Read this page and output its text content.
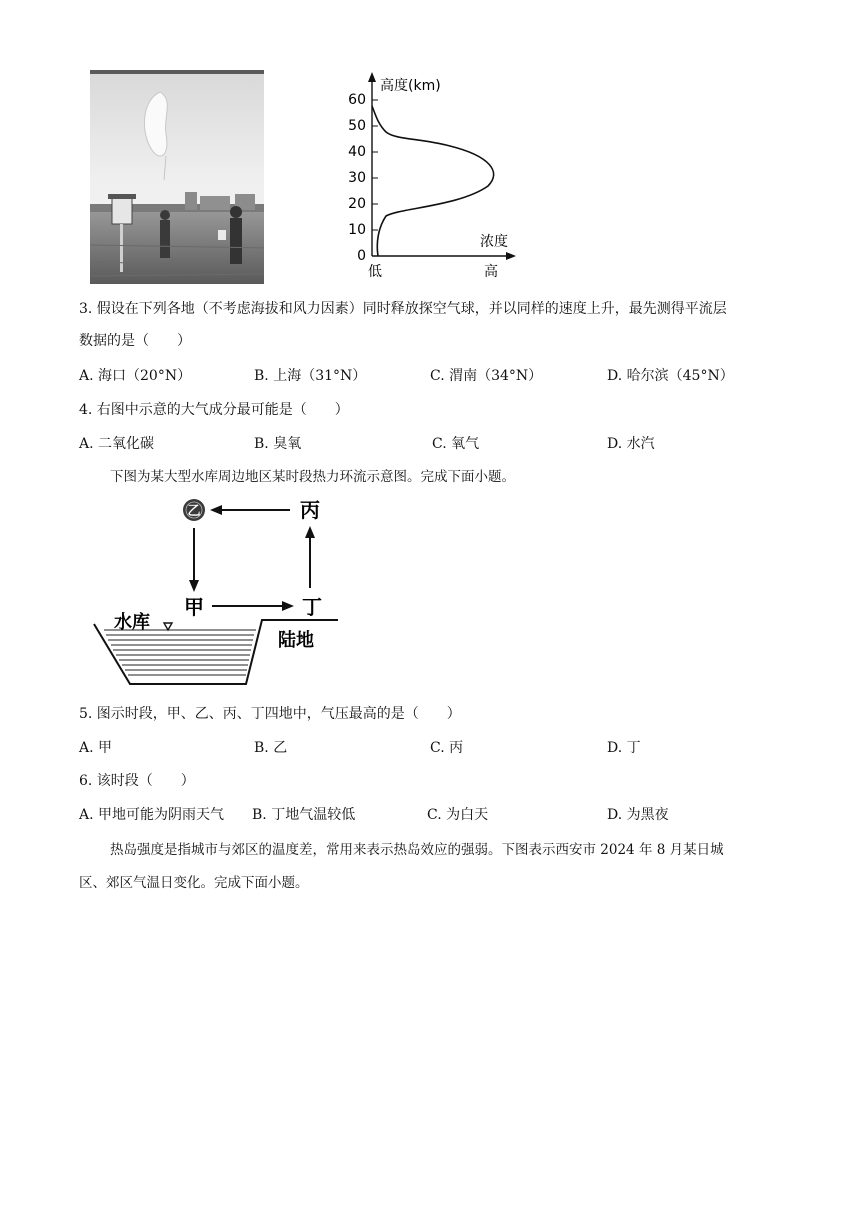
60
50
40
30
20
10
0
高度(km)
浓度
低	高
3. 假设在下列各地（不考虑海拔和风力因素）同时释放探空气球，并以同样的速度上升，最先测得平流层
数据的是（　　）
A. 海口（20°N）	B. 上海（31°N）	C. 渭南（34°N）	D. 哈尔滨（45°N）
4. 右图中示意的大气成分最可能是（　　）
A. 二氧化碳	B. 臭氧	C. 氧气	D. 水汽
下图为某大型水库周边地区某时段热力环流示意图。完成下面小题。
乙	丙
甲	丁
水库
陆地
5. 图示时段，甲、乙、丙、丁四地中，气压最高的是（　　）
A. 甲	B. 乙	C. 丙	D. 丁
6. 该时段（　　）
A. 甲地可能为阴雨天气 B. 丁地气温较低	C. 为白天	D. 为黑夜
热岛强度是指城市与郊区的温度差，常用来表示热岛效应的强弱。下图表示西安市 2024 年 8 月某日城
区、郊区气温日变化。完成下面小题。
